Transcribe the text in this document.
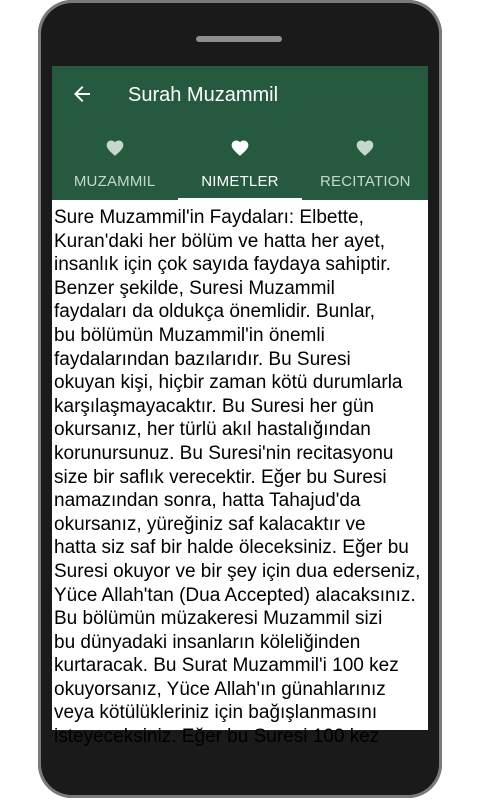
Surah Muzammil
MUZAMMIL	NIMETLER	RECITATION
Sure Muzammil'in Faydaları: Elbette,
Kuran'daki her bölüm ve hatta her ayet,
insanlık için çok sayıda faydaya sahiptir.
Benzer şekilde, Suresi Muzammil
faydaları da oldukça önemlidir. Bunlar,
bu bölümün Muzammil'in önemli
faydalarından bazılarıdır. Bu Suresi
okuyan kişi, hiçbir zaman kötü durumlarla
karşılaşmayacaktır. Bu Suresi her gün
okursanız, her türlü akıl hastalığından
korunursunuz. Bu Suresi'nin recitasyonu
size bir saflık verecektir. Eğer bu Suresi
namazından sonra, hatta Tahajud'da
okursanız, yüreğiniz saf kalacaktır ve
hatta siz saf bir halde öleceksiniz. Eğer bu
Suresi okuyor ve bir şey için dua ederseniz,
Yüce Allah'tan (Dua Accepted) alacaksınız.
Bu bölümün müzakeresi Muzammil sizi
bu dünyadaki insanların köleliğinden
kurtaracak. Bu Surat Muzammil'i 100 kez
okuyorsanız, Yüce Allah'ın günahlarınız
veya kötülükleriniz için bağışlanmasını
isteyeceksiniz. Eğer bu Suresi 100 kez
